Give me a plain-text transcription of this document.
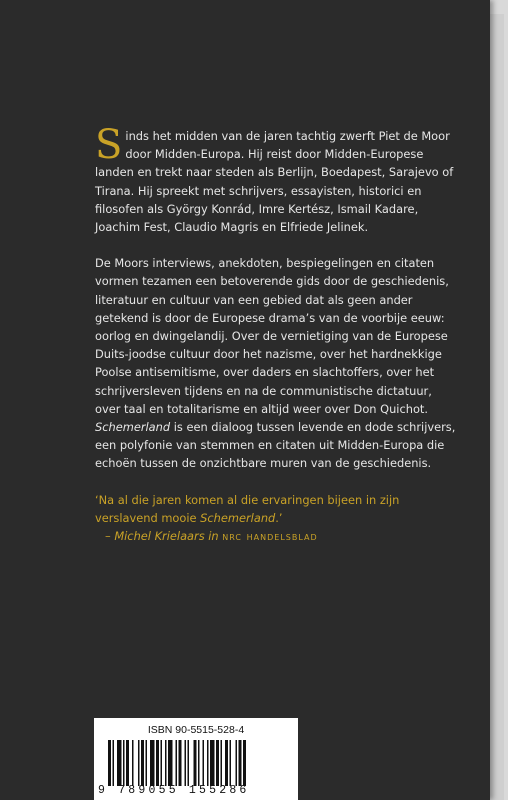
S inds het midden van de jaren tachtig zwerft Piet de Moor door Midden-Europa. Hij reist door Midden-Europese landen en trekt naar steden als Berlijn, Boedapest, Sarajevo of Tirana. Hij spreekt met schrijvers, essayisten, historici en filosofen als György Konrád, Imre Kertész, Ismail Kadare, Joachim Fest, Claudio Magris en Elfriede Jelinek.

De Moors interviews, anekdoten, bespiegelingen en citaten vormen tezamen een betoverende gids door de geschiedenis, literatuur en cultuur van een gebied dat als geen ander getekend is door de Europese drama’s van de voorbije eeuw: oorlog en dwingelandij. Over de vernietiging van de Europese Duits-joodse cultuur door het nazisme, over het hardnekkige Poolse antisemitisme, over daders en slachtoffers, over het schrijversleven tijdens en na de communistische dictatuur, over taal en totalitarisme en altijd weer over Don Quichot. Schemerland is een dialoog tussen levende en dode schrijvers, een polyfonie van stemmen en citaten uit Midden-Europa die echoën tussen de onzichtbare muren van de geschiedenis.

‘Na al die jaren komen al die ervaringen bijeen in zijn verslavend mooie Schemerland.’
– Michel Krielaars in nrc handelsblad
ISBN 90-5515-528-4
9 789055 155286
